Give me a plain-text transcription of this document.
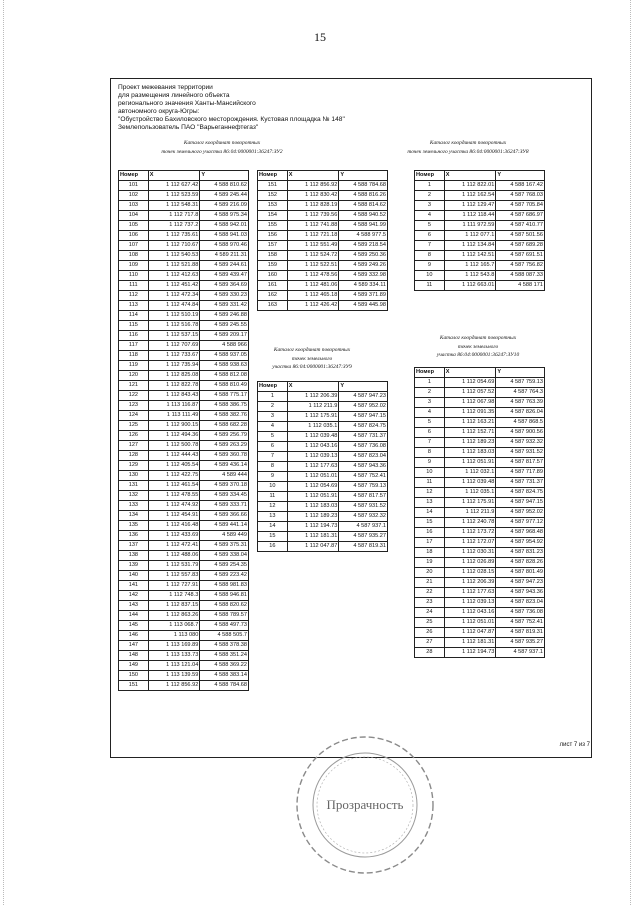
15
Проект межевания территории
для размещения линейного объекта
регионального значения Ханты-Мансийского
автономного округа-Югры:
"Обустройство Бахиловского месторождения. Кустовая площадка № 148"
Землепользователь ПАО "Варьеганнефтегаз"
Каталог координат поворотных
точек земельного участка 86:04:0000001:36247:ЗУ2
Каталог координат поворотных
точек земельного участка 86:04:0000001:36247:ЗУ8
Каталог координат поворотных
точек земельного
участка 86:04:0000001:36247:ЗУ9
Каталог координат поворотных
точек земельного
участка 86:04:0000001:36247:ЗУ10
Номер	X	Y
101	1 112 627.42	4 588 810.62
102	1 112 523.59	4 589 245.44
103	1 112 548.31	4 589 216.09
104	1 112 717.8	4 588 975.34
105	1 112 737.2	4 588 942.01
106	1 112 735.61	4 588 941.03
107	1 112 710.67	4 588 970.46
108	1 112 540.53	4 589 211.31
109	1 112 521.88	4 589 244.61
110	1 112 412.63	4 589 439.47
111	1 112 451.42	4 589 364.69
112	1 112 472.34	4 589 330.23
113	1 112 474.84	4 589 331.42
114	1 112 510.19	4 589 246.88
115	1 112 516.78	4 589 245.55
116	1 112 537.15	4 589 209.17
117	1 112 707.69	4 588 966
118	1 112 733.67	4 588 937.05
119	1 112 735.94	4 588 938.63
120	1 112 825.08	4 588 812.08
121	1 112 822.78	4 588 810.49
122	1 112 843.43	4 588 775.17
123	1 113 116.87	4 588 386.75
124	1 113 111.49	4 588 382.76
125	1 112 900.15	4 588 682.28
126	1 112 494.36	4 589 256.79
127	1 112 500.78	4 589 263.29
128	1 112 444.43	4 589 360.78
129	1 112 405.54	4 589 436.14
130	1 112 422.75	4 589 444
131	1 112 461.54	4 589 370.18
132	1 112 478.55	4 589 334.45
133	1 112 474.92	4 589 333.71
134	1 112 454.91	4 589 366.66
135	1 112 416.48	4 589 441.14
136	1 112 433.69	4 589 449
137	1 112 472.41	4 589 375.31
138	1 112 488.06	4 589 338.04
139	1 112 531.79	4 589 254.35
140	1 112 557.83	4 589 223.42
141	1 112 727.91	4 588 981.83
142	1 112 748.3	4 588 946.81
143	1 112 837.15	4 588 820.62
144	1 112 863.26	4 588 789.57
145	1 113 068.7	4 588 497.73
146	1 113 080	4 588 505.7
147	1 113 169.89	4 588 378.38
148	1 113 133.73	4 588 351.24
149	1 113 121.04	4 588 369.22
150	1 113 139.59	4 588 383.14
151	1 112 856.92	4 588 784.68
Номер	X	Y
151	1 112 856.92	4 588 784.68
152	1 112 830.42	4 588 816.26
153	1 112 828.19	4 588 814.62
154	1 112 739.56	4 588 940.52
155	1 112 741.88	4 588 941.99
156	1 112 721.18	4 588 977.5
157	1 112 551.49	4 589 218.54
158	1 112 524.72	4 589 250.36
159	1 112 522.51	4 589 249.26
160	1 112 478.56	4 589 332.98
161	1 112 481.06	4 589 334.11
162	1 112 465.18	4 589 371.89
163	1 112 426.42	4 589 445.98
Номер	X	Y
1	1 112 822.01	4 588 167.42
2	1 112 162.54	4 587 768.03
3	1 112 129.47	4 587 705.84
4	1 112 118.44	4 587 686.97
5	1 111 972.59	4 587 410.77
6	1 112 077.1	4 587 501.56
7	1 112 134.84	4 587 689.28
8	1 112 142.51	4 587 691.51
9	1 112 165.7	4 587 756.82
10	1 112 543.8	4 588 087.33
11	1 112 663.01	4 588 171
Номер	X	Y
1	1 112 206.39	4 587 947.23
2	1 112 211.9	4 587 952.02
3	1 112 175.91	4 587 947.15
4	1 112 035.1	4 587 824.75
5	1 112 039.48	4 587 731.37
6	1 112 043.16	4 587 736.08
7	1 112 039.13	4 587 823.04
8	1 112 177.63	4 587 943.36
9	1 112 051.01	4 587 752.41
10	1 112 054.69	4 587 759.13
11	1 112 051.91	4 587 817.57
12	1 112 183.03	4 587 931.52
13	1 112 189.23	4 587 932.32
14	1 112 194.73	4 587 937.1
15	1 112 181.31	4 587 935.27
16	1 112 047.87	4 587 819.31
Номер	X	Y
1	1 112 054.69	4 587 759.13
2	1 112 057.52	4 587 764.3
3	1 112 067.98	4 587 763.39
4	1 112 091.35	4 587 826.04
5	1 112 163.21	4 587 868.5
6	1 112 152.71	4 587 900.56
7	1 112 189.23	4 587 932.32
8	1 112 183.03	4 587 931.52
9	1 112 051.91	4 587 817.57
10	1 112 032.1	4 587 717.89
11	1 112 039.48	4 587 731.37
12	1 112 035.1	4 587 824.75
13	1 112 175.91	4 587 947.15
14	1 112 211.9	4 587 952.02
15	1 112 240.78	4 587 977.12
16	1 112 173.72	4 587 968.48
17	1 112 172.07	4 587 954.92
18	1 112 030.31	4 587 831.23
19	1 112 026.89	4 587 828.26
20	1 112 028.15	4 587 801.49
21	1 112 206.39	4 587 947.23
22	1 112 177.63	4 587 943.36
23	1 112 039.13	4 587 823.04
24	1 112 043.16	4 587 736.08
25	1 112 051.01	4 587 752.41
26	1 112 047.87	4 587 819.31
27	1 112 181.31	4 587 935.27
28	1 112 194.73	4 587 937.1
лист 7 из 7
Прозрачность
